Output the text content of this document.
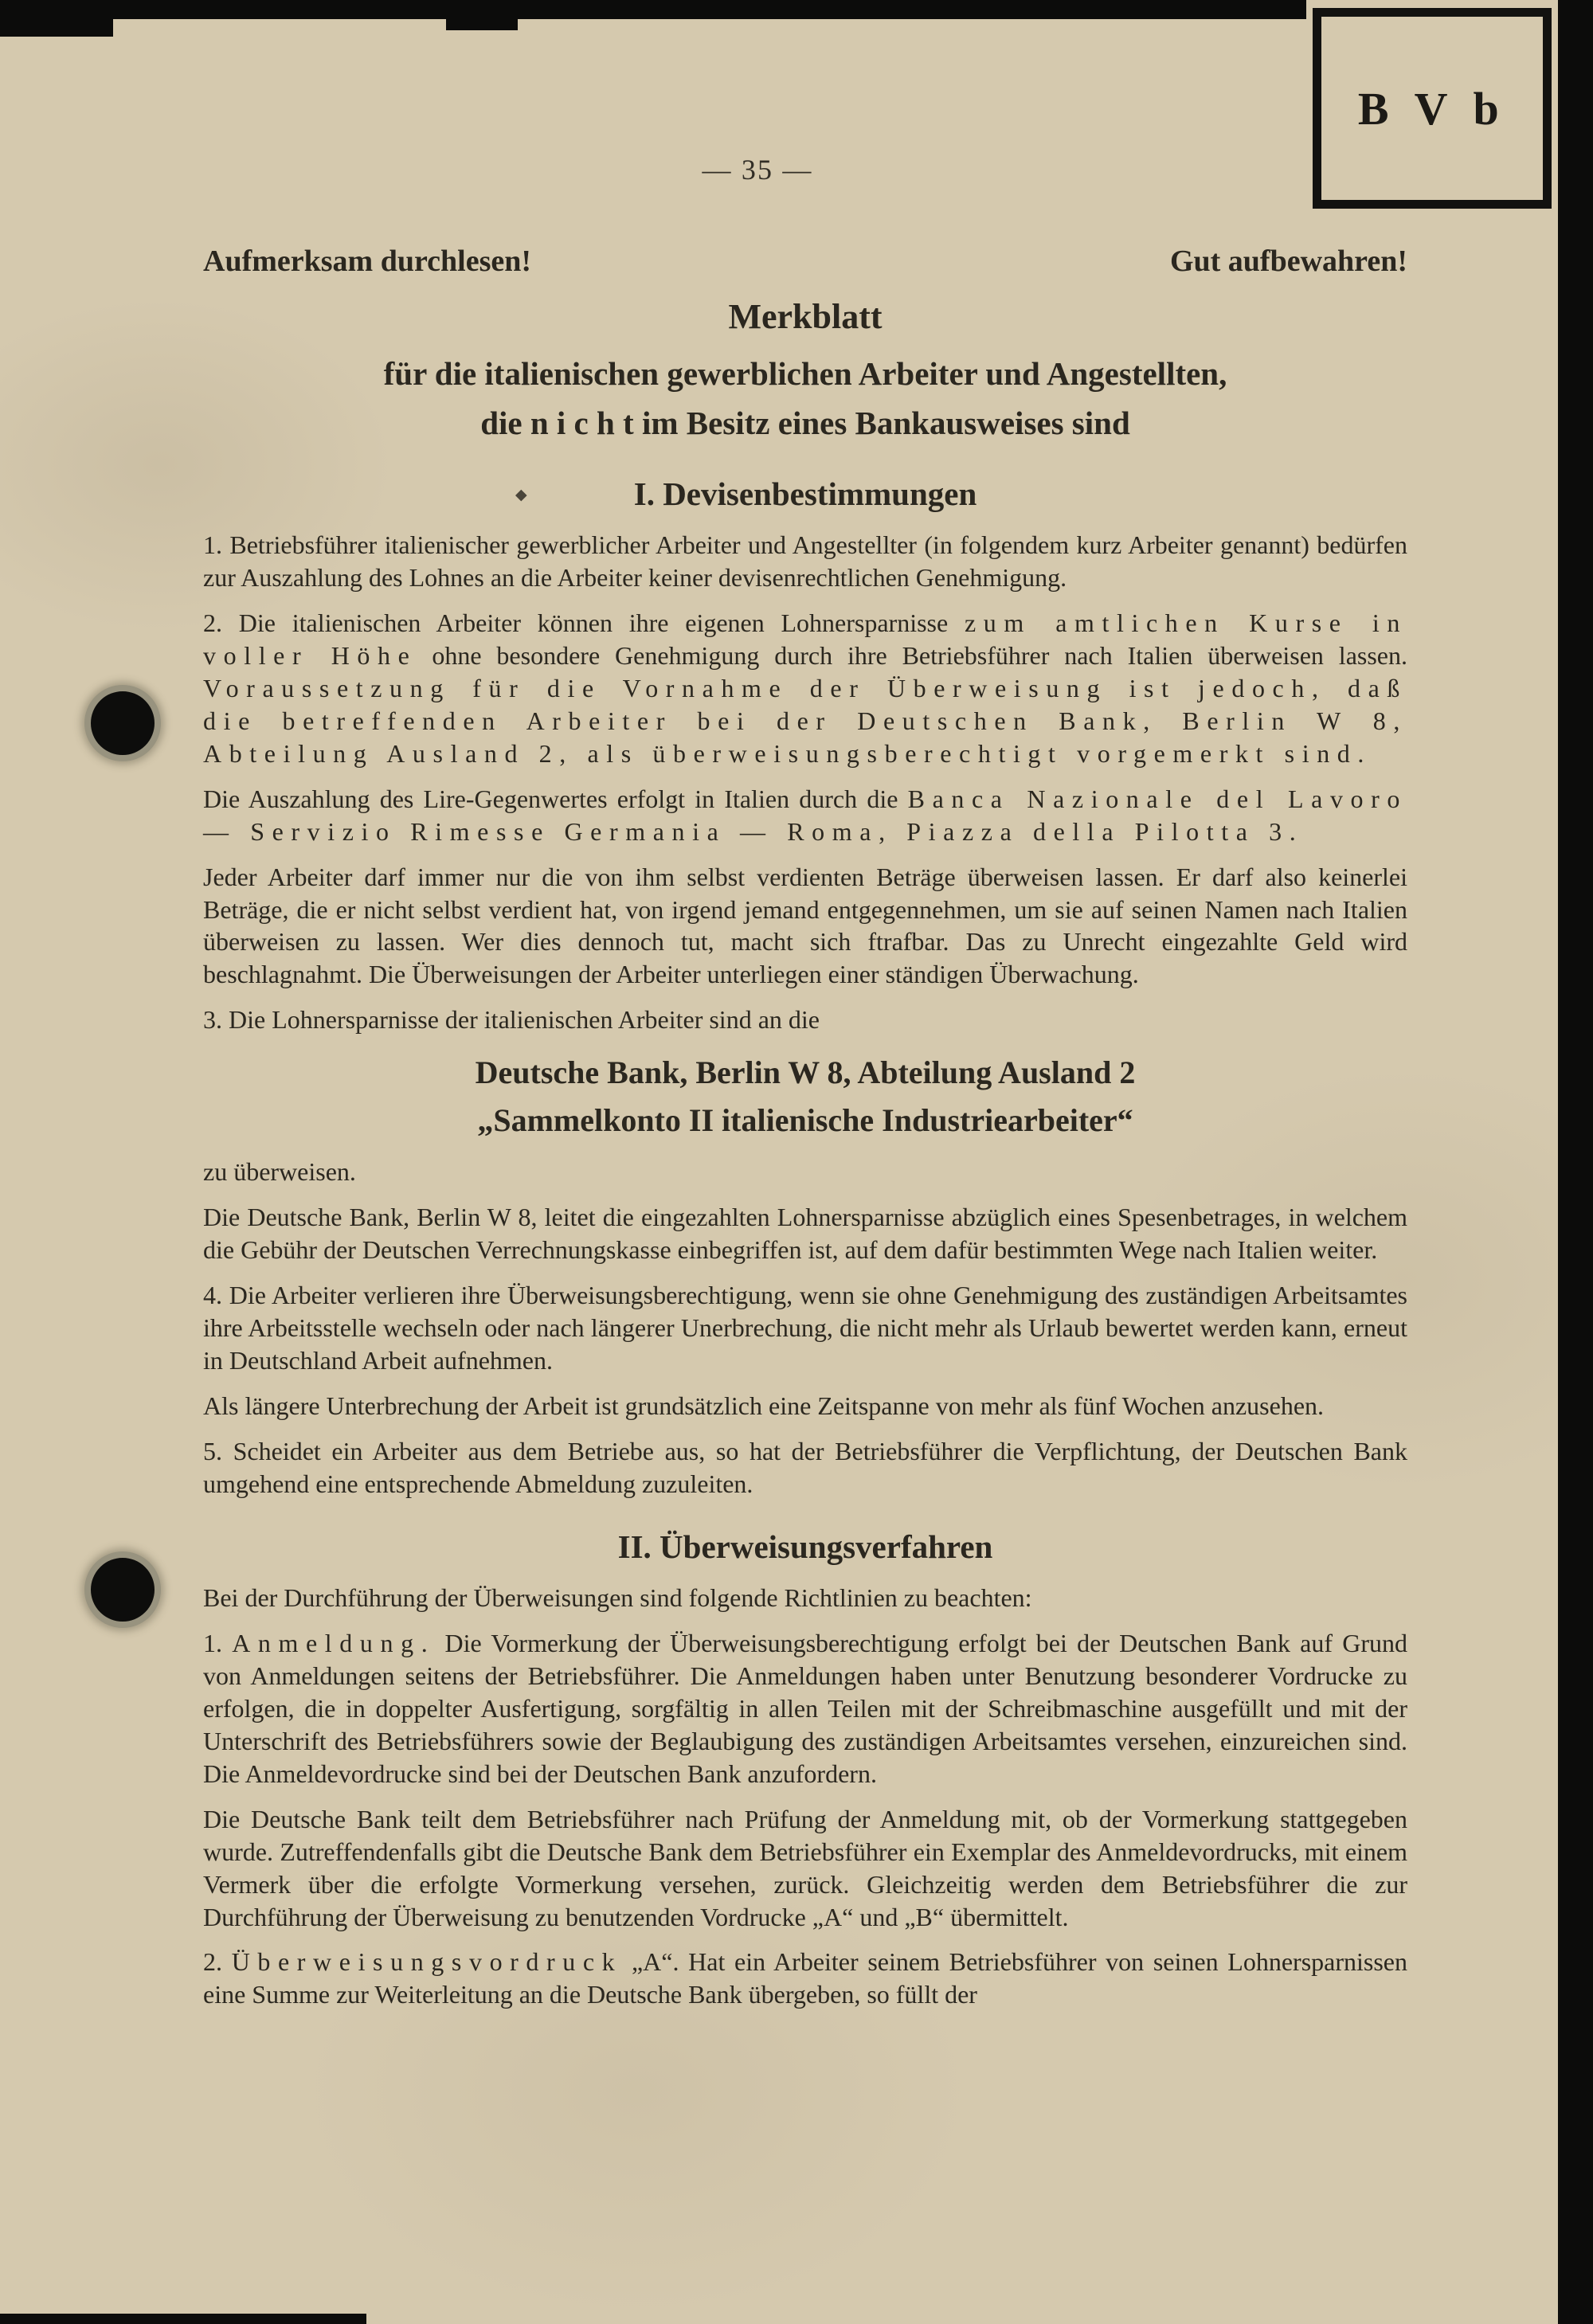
B V b
— 35 —
Aufmerksam durchlesen!	Gut aufbewahren!
Merkblatt
für die italienischen gewerblichen Arbeiter und Angestellten,
die n i c h t im Besitz eines Bankausweises sind
◆	I. Devisenbestimmungen

1. Betriebsführer italienischer gewerblicher Arbeiter und Angestellter (in folgendem kurz Arbeiter genannt) bedürfen zur Auszahlung des Lohnes an die Arbeiter keiner devisenrechtlichen Genehmigung.

2. Die italienischen Arbeiter können ihre eigenen Lohnersparnisse zum amtlichen Kurse in voller Höhe ohne besondere Genehmigung durch ihre Betriebsführer nach Italien überweisen lassen. Voraussetzung für die Vornahme der Überweisung ist jedoch, daß die betreffenden Arbeiter bei der Deutschen Bank, Berlin W 8, Abteilung Ausland 2, als überweisungsberechtigt vorgemerkt sind.

Die Auszahlung des Lire-Gegenwertes erfolgt in Italien durch die Banca Nazionale del Lavoro — Servizio Rimesse Germania — Roma, Piazza della Pilotta 3.

Jeder Arbeiter darf immer nur die von ihm selbst verdienten Beträge überweisen lassen. Er darf also keinerlei Beträge, die er nicht selbst verdient hat, von irgend jemand entgegennehmen, um sie auf seinen Namen nach Italien überweisen zu lassen. Wer dies dennoch tut, macht sich ftrafbar. Das zu Unrecht eingezahlte Geld wird beschlagnahmt. Die Überweisungen der Arbeiter unterliegen einer ständigen Überwachung.

3. Die Lohnersparnisse der italienischen Arbeiter sind an die

Deutsche Bank, Berlin W 8, Abteilung Ausland 2
„Sammelkonto II italienische Industriearbeiter“

zu überweisen.

Die Deutsche Bank, Berlin W 8, leitet die eingezahlten Lohnersparnisse abzüglich eines Spesenbetrages, in welchem die Gebühr der Deutschen Verrechnungskasse einbegriffen ist, auf dem dafür bestimmten Wege nach Italien weiter.

4. Die Arbeiter verlieren ihre Überweisungsberechtigung, wenn sie ohne Genehmigung des zuständigen Arbeitsamtes ihre Arbeitsstelle wechseln oder nach längerer Unerbrechung, die nicht mehr als Urlaub bewertet werden kann, erneut in Deutschland Arbeit aufnehmen.

Als längere Unterbrechung der Arbeit ist grundsätzlich eine Zeitspanne von mehr als fünf Wochen anzusehen.

5. Scheidet ein Arbeiter aus dem Betriebe aus, so hat der Betriebsführer die Verpflichtung, der Deutschen Bank umgehend eine entsprechende Abmeldung zuzuleiten.

II. Überweisungsverfahren

Bei der Durchführung der Überweisungen sind folgende Richtlinien zu beachten:

1. Anmeldung. Die Vormerkung der Überweisungsberechtigung erfolgt bei der Deutschen Bank auf Grund von Anmeldungen seitens der Betriebsführer. Die Anmeldungen haben unter Benutzung besonderer Vordrucke zu erfolgen, die in doppelter Ausfertigung, sorgfältig in allen Teilen mit der Schreibmaschine ausgefüllt und mit der Unterschrift des Betriebsführers sowie der Beglaubigung des zuständigen Arbeitsamtes versehen, einzureichen sind. Die Anmeldevordrucke sind bei der Deutschen Bank anzufordern.

Die Deutsche Bank teilt dem Betriebsführer nach Prüfung der Anmeldung mit, ob der Vormerkung stattgegeben wurde. Zutreffendenfalls gibt die Deutsche Bank dem Betriebsführer ein Exemplar des Anmeldevordrucks, mit einem Vermerk über die erfolgte Vormerkung versehen, zurück. Gleichzeitig werden dem Betriebsführer die zur Durchführung der Überweisung zu benutzenden Vordrucke „A“ und „B“ übermittelt.

2. Überweisungsvordruck „A“. Hat ein Arbeiter seinem Betriebsführer von seinen Lohnersparnissen eine Summe zur Weiterleitung an die Deutsche Bank übergeben, so füllt der
